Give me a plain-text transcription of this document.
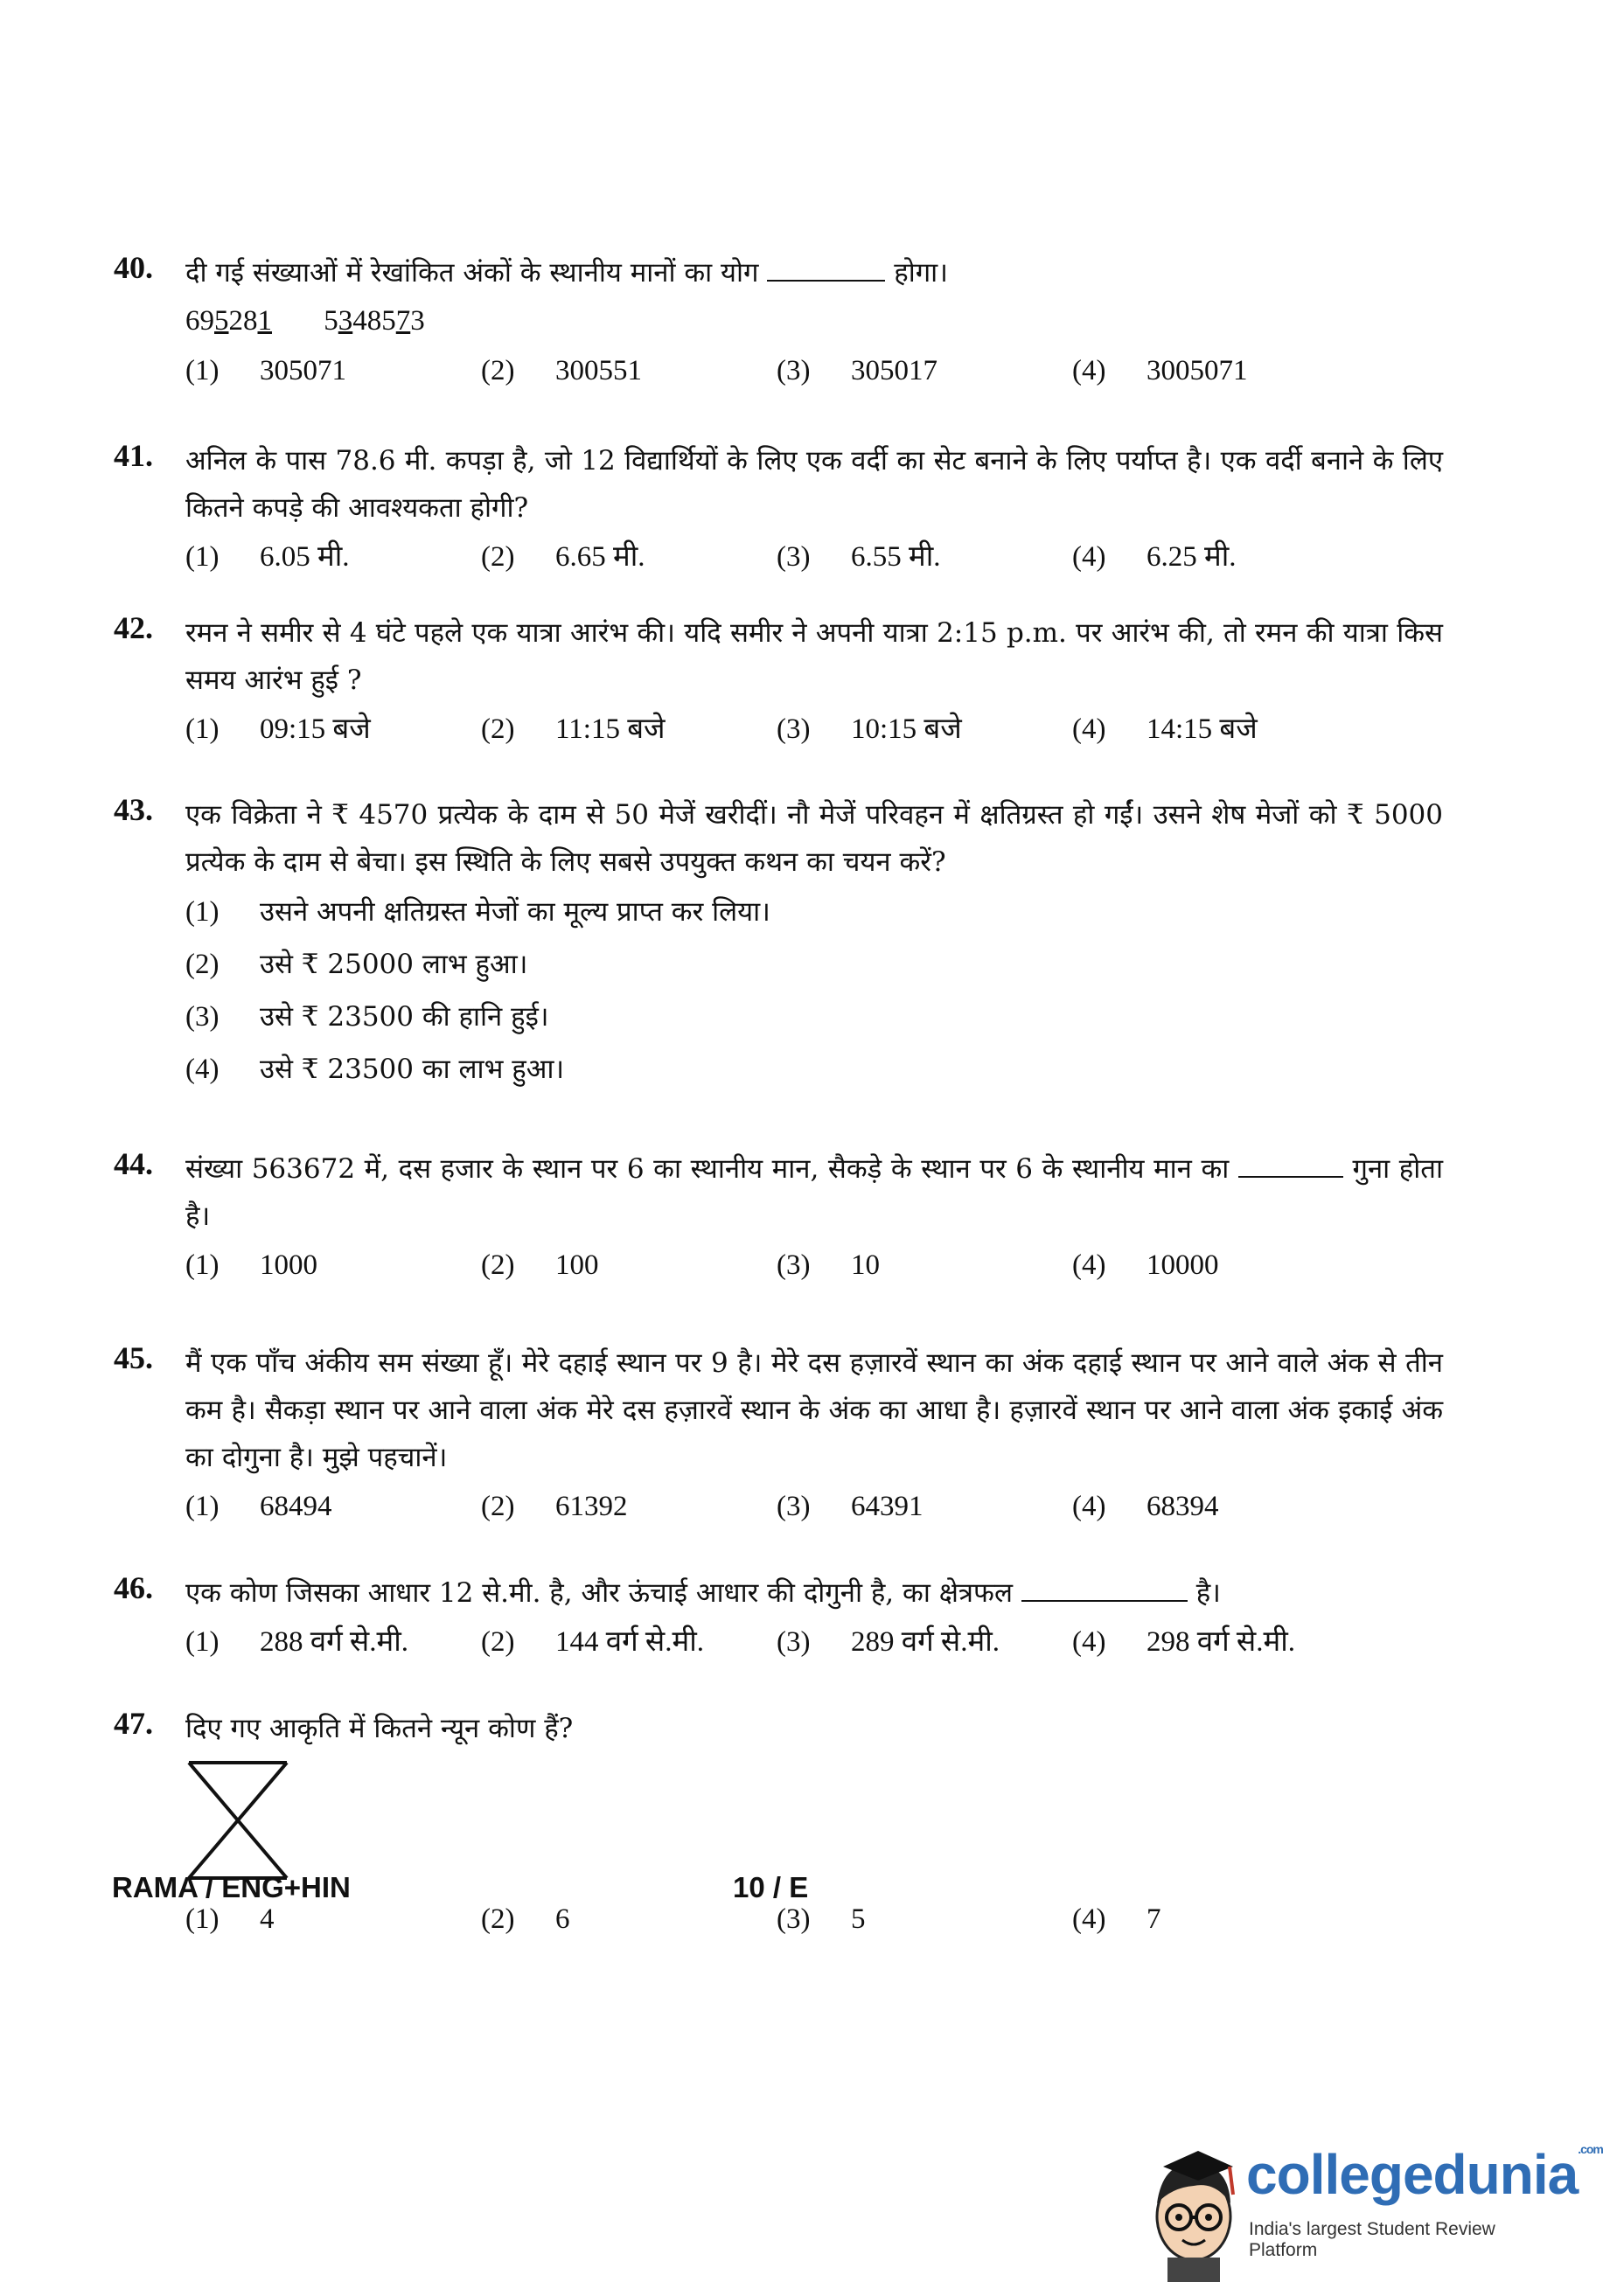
40. दी गई संख्याओं में रेखांकित अंकों के स्थानीय मानों का योग	होगा।
695281 5348573
(1) 305071	(2) 300551	(3) 305017	(4) 3005071
41. अनिल के पास 78.6 मी. कपड़ा है, जो 12 विद्यार्थियों के लिए एक वर्दी का सेट बनाने के लिए पर्याप्त है। एक वर्दी बनाने के लिए कितने कपड़े की आवश्यकता होगी?
(1) 6.05 मी.	(2) 6.65 मी.	(3) 6.55 मी.	(4) 6.25 मी.
42. रमन ने समीर से 4 घंटे पहले एक यात्रा आरंभ की। यदि समीर ने अपनी यात्रा 2:15 p.m. पर आरंभ की, तो रमन की यात्रा किस समय आरंभ हुई ?
(1) 09:15 बजे	(2) 11:15 बजे	(3) 10:15 बजे	(4) 14:15 बजे
एक विक्रेता ने ₹ 4570 प्रत्येक के दाम से 50 मेजें खरीदीं। नौ मेजें परिवहन में क्षतिग्रस्त हो गईं। उसने शेष मेजों को ₹ 5000 प्रत्येक के दाम से बेचा। इस स्थिति के लिए सबसे उपयुक्त कथन का चयन करें?
43.
(1) उसने अपनी क्षतिग्रस्त मेजों का मूल्य प्राप्त कर लिया।
(2) उसे ₹ 25000 लाभ हुआ।
(3) उसे ₹ 23500 की हानि हुई।
(4) उसे ₹ 23500 का लाभ हुआ।
44. संख्या 563672 में, दस हजार के स्थान पर 6 का स्थानीय मान, सैकड़े के स्थान पर 6 के स्थानीय मान का	गुना होता है।
(1) 1000	(2) 100	(3) 10	(4) 10000
45. मैं एक पाँच अंकीय सम संख्या हूँ। मेरे दहाई स्थान पर 9 है। मेरे दस हज़ारवें स्थान का अंक दहाई स्थान पर आने वाले अंक से तीन कम है। सैकड़ा स्थान पर आने वाला अंक मेरे दस हज़ारवें स्थान के अंक का आधा है। हज़ारवें स्थान पर आने वाला अंक इकाई अंक का दोगुना है। मुझे पहचानें।
(1) 68494	(2) 61392	(3) 64391	(4) 68394
46. एक कोण जिसका आधार 12 से.मी. है, और ऊंचाई आधार की दोगुनी है, का क्षेत्रफल	है।
(1) 288 वर्ग से.मी.	(2) 144 वर्ग से.मी.	(3) 289 वर्ग से.मी.	(4) 298 वर्ग से.मी.
47. दिए गए आकृति में कितने न्यून कोण हैं?
(1) 4	(2) 6	(3) 5	(4) 7
RAMA / ENG+HIN	10 / E
collegedunia$^{.com}$
India's largest Student Review Platform
